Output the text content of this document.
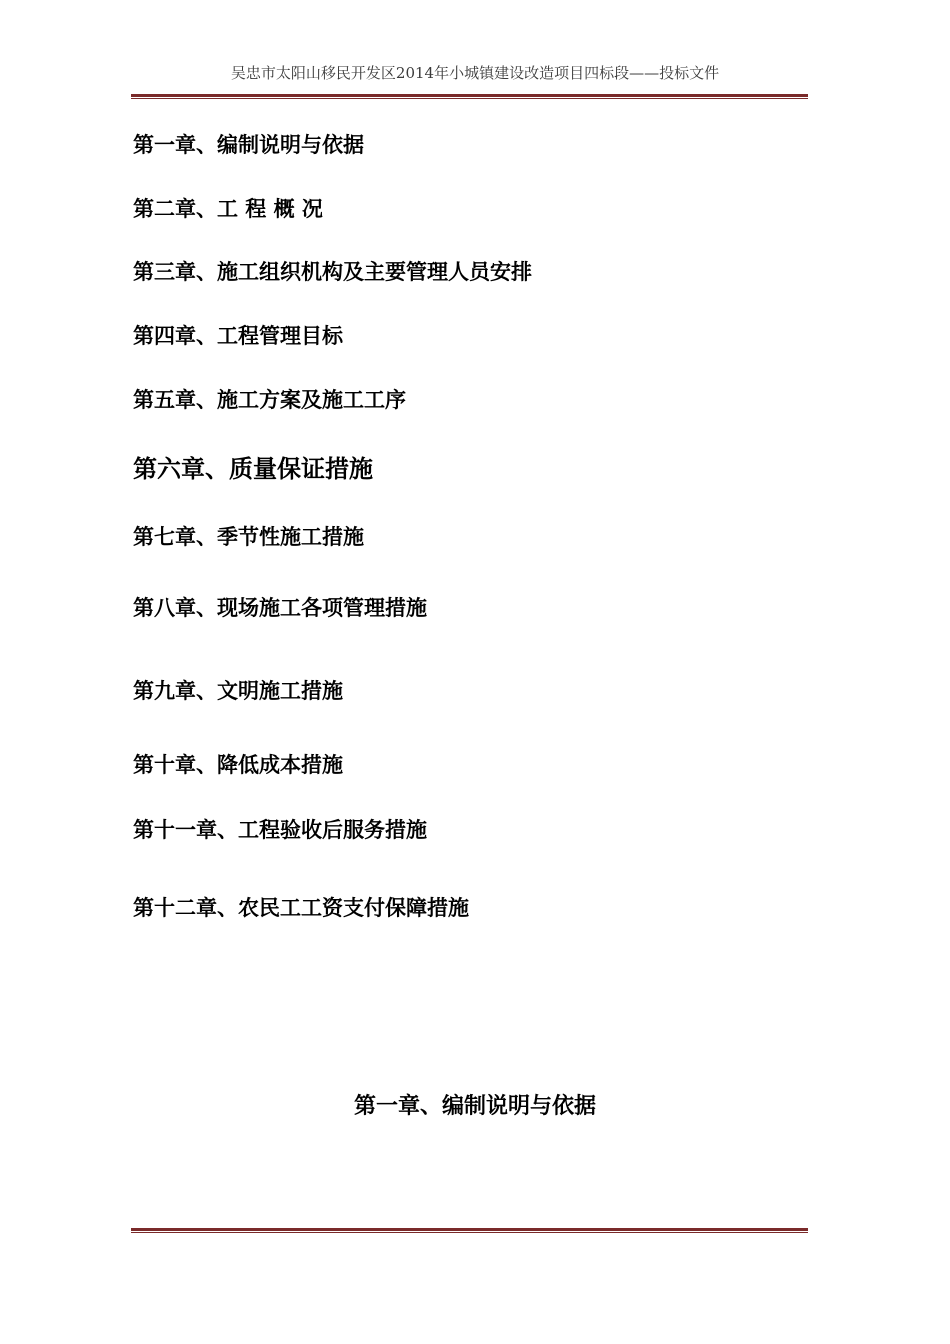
吴忠市太阳山移民开发区2014年小城镇建设改造项目四标段——投标文件
第一章、编制说明与依据
第二章、工 程 概 况
第三章、施工组织机构及主要管理人员安排
第四章、工程管理目标
第五章、施工方案及施工工序
第六章、质量保证措施
第七章、季节性施工措施
第八章、现场施工各项管理措施
第九章、文明施工措施
第十章、降低成本措施
第十一章、工程验收后服务措施
第十二章、农民工工资支付保障措施
第一章、编制说明与依据
